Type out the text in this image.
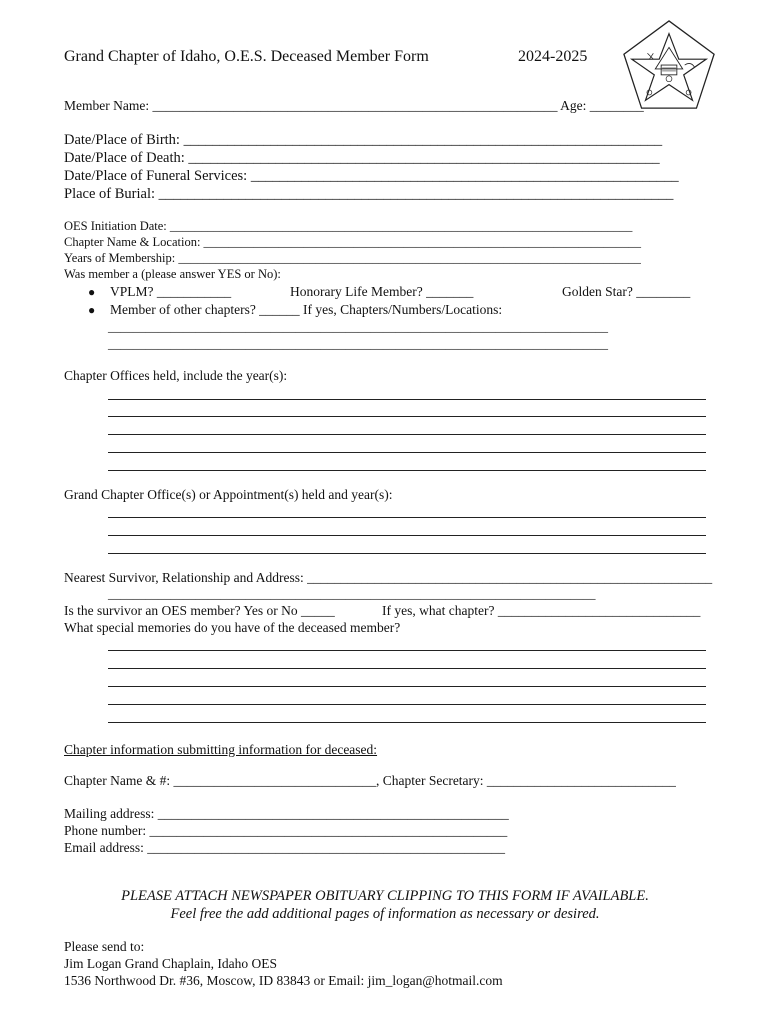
Grand Chapter of Idaho, O.E.S. Deceased Member Form	2024-2025
Member Name: ____________________________________________________________ Age: ________
Date/Place of Birth: __________________________________________________________________
Date/Place of Death: _________________________________________________________________
Date/Place of Funeral Services: ___________________________________________________________
Place of Burial: _______________________________________________________________________
OES Initiation Date: __________________________________________________________________________
Chapter Name & Location: ______________________________________________________________________
Years of Membership: __________________________________________________________________________
Was member a (please answer YES or No):
● VPLM? ___________	Honorary Life Member? _______	Golden Star? ________
● Member of other chapters? ______ If yes, Chapters/Numbers/Locations:
________________________________________________________________________________
________________________________________________________________________________
Chapter Offices held, include the year(s):
Grand Chapter Office(s) or Appointment(s) held and year(s):
Nearest Survivor, Relationship and Address: ____________________________________________________________
______________________________________________________________________________
Is the survivor an OES member? Yes or No _____	If yes, what chapter? ______________________________
What special memories do you have of the deceased member?
Chapter information submitting information for deceased:
Chapter Name & #: ______________________________, Chapter Secretary: ____________________________
Mailing address: ____________________________________________________
Phone number: _____________________________________________________
Email address: _____________________________________________________
PLEASE ATTACH NEWSPAPER OBITUARY CLIPPING TO THIS FORM IF AVAILABLE.
Feel free the add additional pages of information as necessary or desired.
Please send to:
Jim Logan Grand Chaplain, Idaho OES
1536 Northwood Dr. #36, Moscow, ID 83843 or Email: jim_logan@hotmail.com
